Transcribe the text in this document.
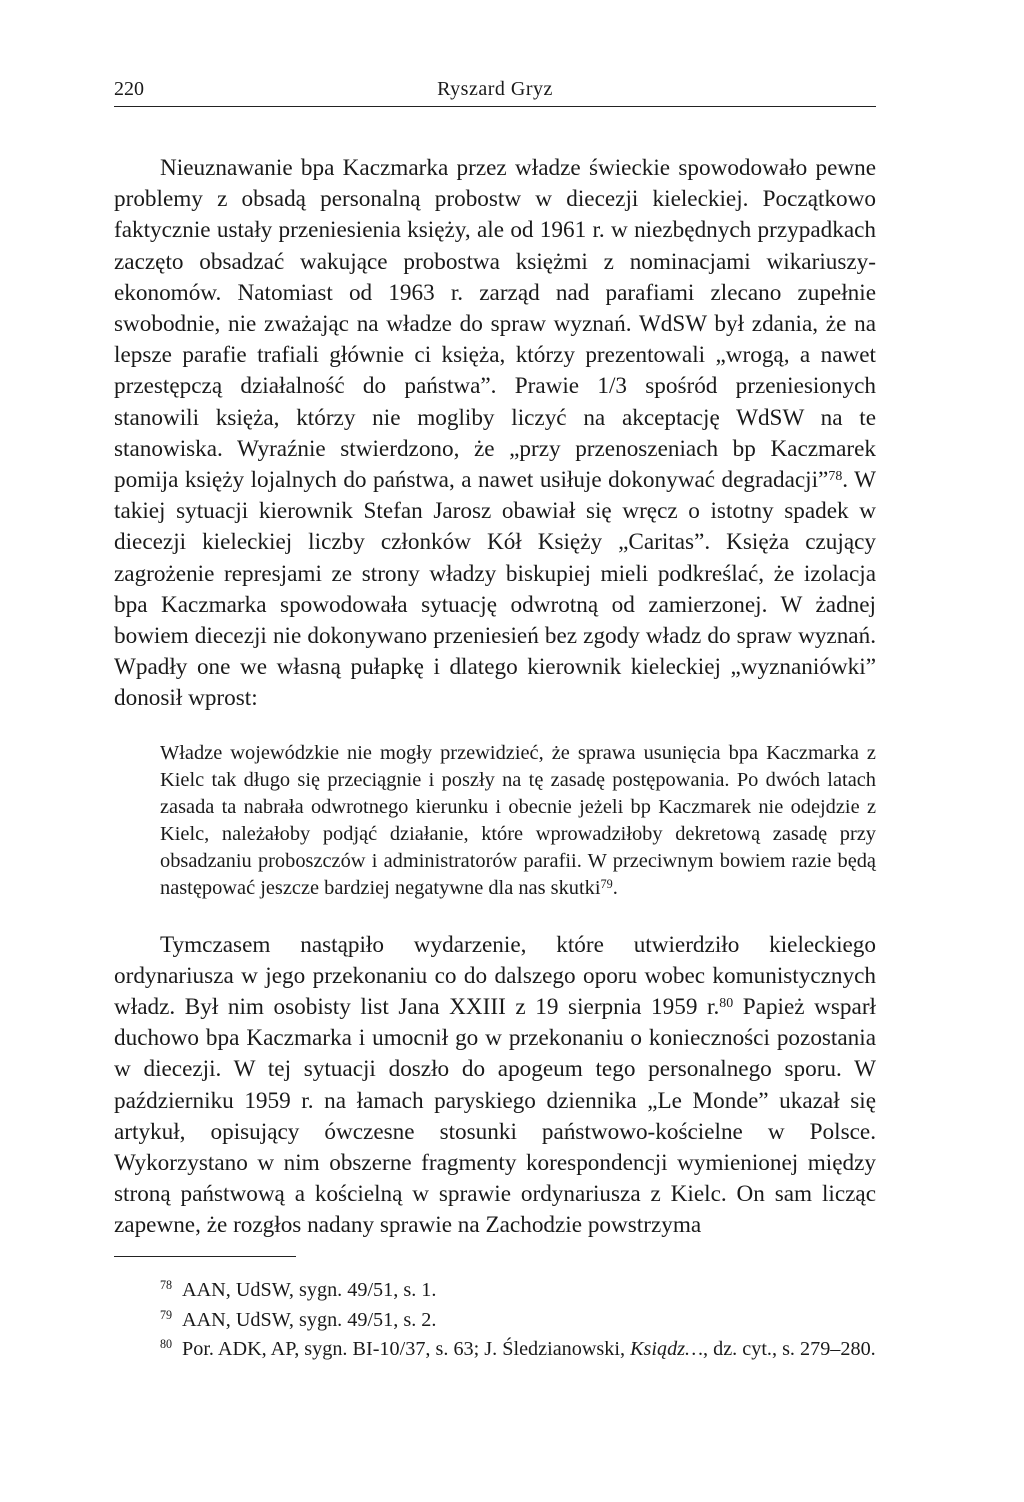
220	Ryszard Gryz

Nieuznawanie bpa Kaczmarka przez władze świeckie spowodowało pewne problemy z obsadą personalną probostw w diecezji kieleckiej. Początkowo faktycznie ustały przeniesienia księży, ale od 1961 r. w niezbędnych przypadkach zaczęto obsadzać wakujące probostwa księżmi z nominacjami wikariuszy-ekonomów. Natomiast od 1963 r. zarząd nad parafiami zlecano zupełnie swobodnie, nie zważając na władze do spraw wyznań. WdSW był zdania, że na lepsze parafie trafiali głównie ci księża, którzy prezentowali „wrogą, a nawet przestępczą działalność do państwa”. Prawie 1/3 spośród przeniesionych stanowili księża, którzy nie mogliby liczyć na akceptację WdSW na te stanowiska. Wyraźnie stwierdzono, że „przy przenoszeniach bp Kaczmarek pomija księży lojalnych do państwa, a nawet usiłuje dokonywać degradacji”$^{78}$. W takiej sytuacji kierownik Stefan Jarosz obawiał się wręcz o istotny spadek w diecezji kieleckiej liczby członków Kół Księży „Caritas”. Księża czujący zagrożenie represjami ze strony władzy biskupiej mieli podkreślać, że izolacja bpa Kaczmarka spowodowała sytuację odwrotną od zamierzonej. W żadnej bowiem diecezji nie dokonywano przeniesień bez zgody władz do spraw wyznań. Wpadły one we własną pułapkę i dlatego kierownik kieleckiej „wyznaniówki” donosił wprost:

Władze wojewódzkie nie mogły przewidzieć, że sprawa usunięcia bpa Kaczmarka z Kielc tak długo się przeciągnie i poszły na tę zasadę postępowania. Po dwóch latach zasada ta nabrała odwrotnego kierunku i obecnie jeżeli bp Kaczmarek nie odejdzie z Kielc, należałoby podjąć działanie, które wprowadziłoby dekretową zasadę przy obsadzaniu proboszczów i administratorów parafii. W przeciwnym bowiem razie będą następować jeszcze bardziej negatywne dla nas skutki$^{79}$.

Tymczasem nastąpiło wydarzenie, które utwierdziło kieleckiego ordynariusza w jego przekonaniu co do dalszego oporu wobec komunistycznych władz. Był nim osobisty list Jana XXIII z 19 sierpnia 1959 r.$^{80}$ Papież wsparł duchowo bpa Kaczmarka i umocnił go w przekonaniu o konieczności pozostania w diecezji. W tej sytuacji doszło do apogeum tego personalnego sporu. W październiku 1959 r. na łamach paryskiego dziennika „Le Monde” ukazał się artykuł, opisujący ówczesne stosunki państwowo-kościelne w Polsce. Wykorzystano w nim obszerne fragmenty korespondencji wymienionej między stroną państwową a kościelną w sprawie ordynariusza z Kielc. On sam licząc zapewne, że rozgłos nadany sprawie na Zachodzie powstrzyma

$^{78}$ AAN, UdSW, sygn. 49/51, s. 1.
$^{79}$ AAN, UdSW, sygn. 49/51, s. 2.
$^{80}$ Por. ADK, AP, sygn. BI-10/37, s. 63; J. Śledzianowski, Ksiądz…, dz. cyt., s. 279–280.
